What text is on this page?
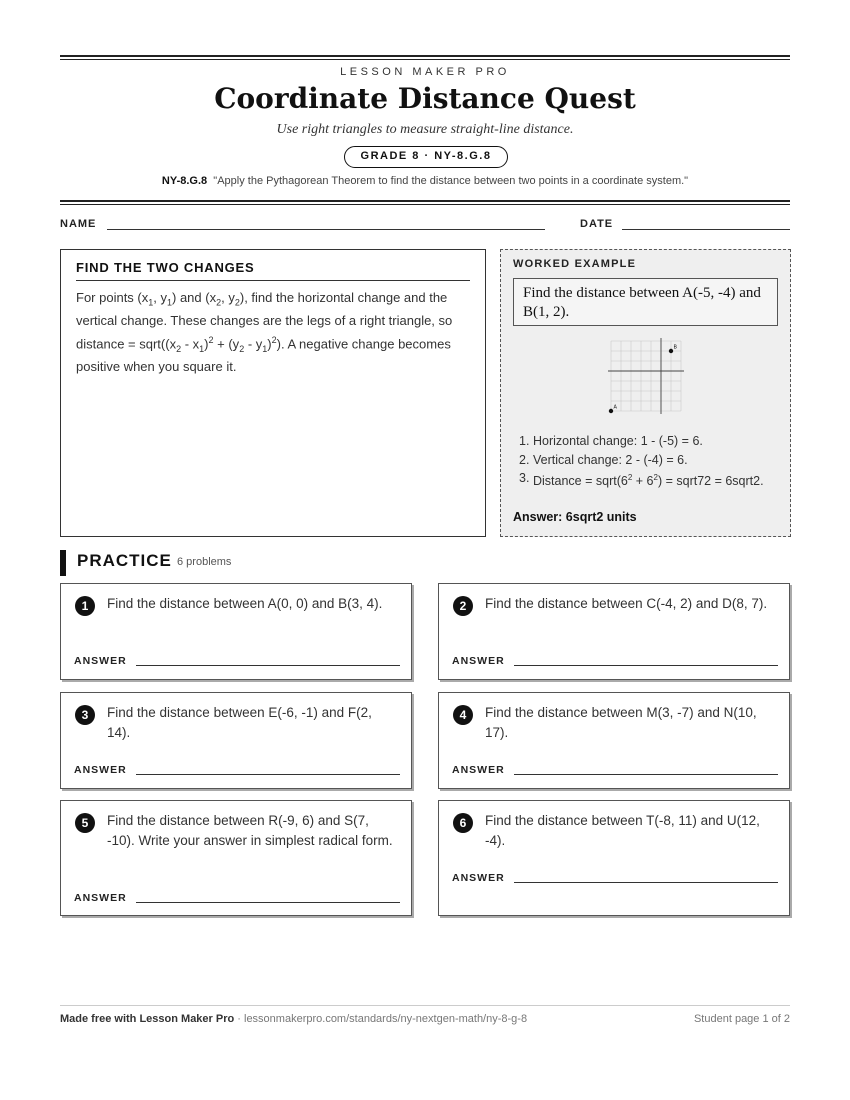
LESSON MAKER PRO
Coordinate Distance Quest
Use right triangles to measure straight-line distance.
GRADE 8 · NY-8.G.8
NY-8.G.8 "Apply the Pythagorean Theorem to find the distance between two points in a coordinate system."
NAME	DATE
FIND THE TWO CHANGES
For points ($x_1$, $y_1$) and ($x_2$, $y_2$), find the horizontal change and the vertical change. These changes are the legs of a right triangle, so distance = $sqrt((x_2 - x_1)^2 + (y_2 - y_1)^2)$. A negative change becomes positive when you square it.
WORKED EXAMPLE
Find the distance between A(-5, -4) and B(1, 2).
A
B
1. Horizontal change: 1 - (-5) = 6.
2. Vertical change: 2 - (-4) = 6.
3. Distance = $sqrt(6^2 + 6^2)$ = sqrt72 = 6sqrt2.
Answer: 6sqrt2 units
PRACTICE 6 problems
1	Find the distance between A(0, 0) and B(3, 4).
ANSWER
2	Find the distance between C(-4, 2) and D(8, 7).
ANSWER
3	Find the distance between E(-6, -1) and F(2, 14).
ANSWER
4	Find the distance between M(3, -7) and N(10, 17).
ANSWER
5	Find the distance between R(-9, 6) and S(7, -10). Write your answer in simplest radical form.
ANSWER
6	Find the distance between T(-8, 11) and U(12, -4).
ANSWER
Made free with Lesson Maker Pro · lessonmakerpro.com/standards/ny-nextgen-math/ny-8-g-8	Student page 1 of 2
